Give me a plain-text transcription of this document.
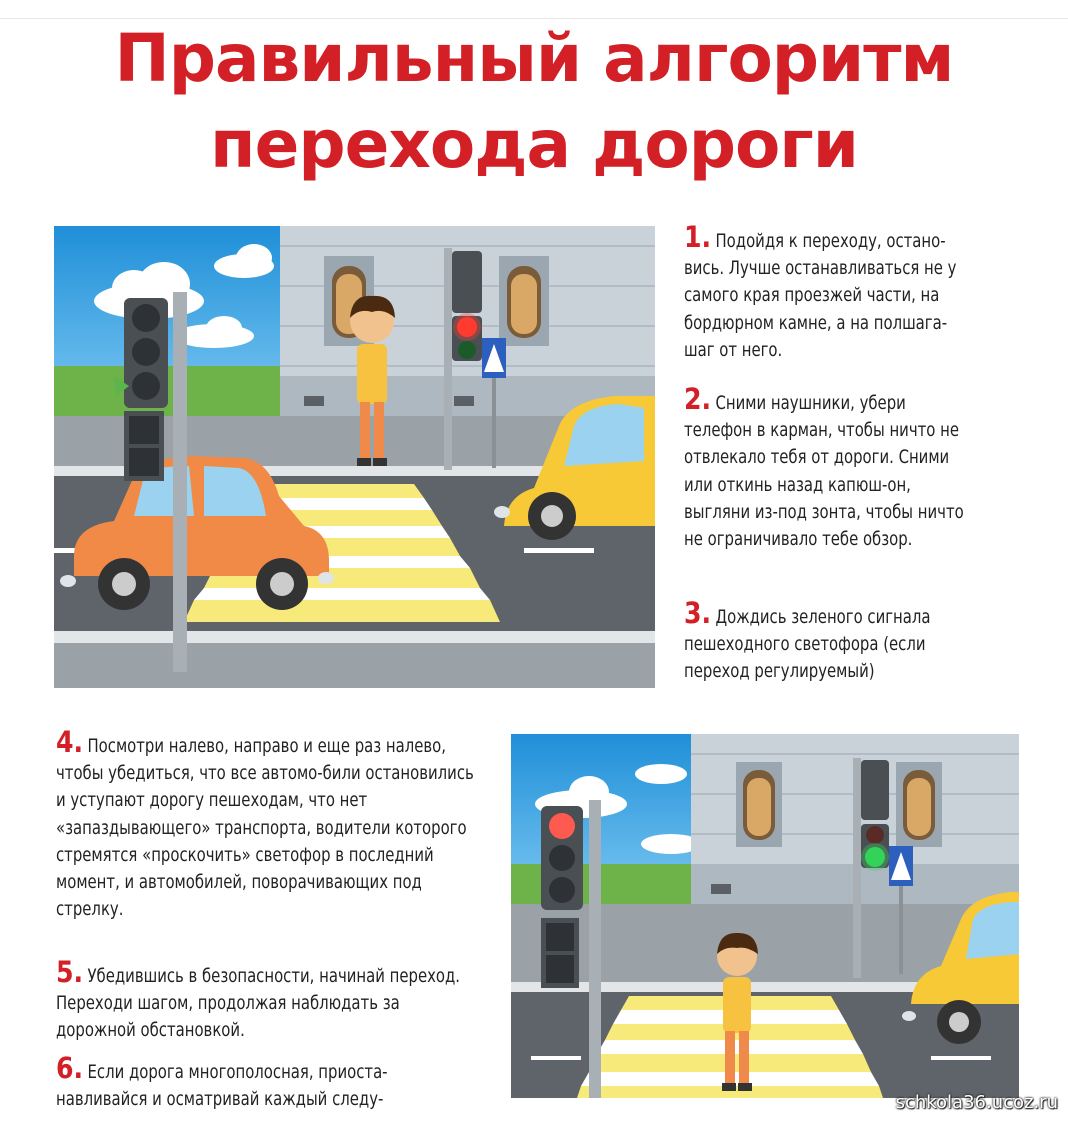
Правильный алгоритм
перехода дороги
1. Подойдя к переходу, остано-вись. Лучше останавливаться не у самого края проезжей части, на бордюрном камне, а на полшага-шаг от него.
2. Сними наушники, убери телефон в карман, чтобы ничто не отвлекало тебя от дороги. Сними или откинь назад капюш-он, выгляни из-под зонта, чтобы ничто не ограничивало тебе обзор.
3. Дождись зеленого сигнала пешеходного светофора (если переход регулируемый)
4. Посмотри налево, направо и еще раз налево, чтобы убедиться, что все автомо-били остановились и уступают дорогу пешеходам, что нет «запаздывающего» транспорта, водители которого стремятся «проскочить» светофор в последний момент, и автомобилей, поворачивающих под стрелку.
5. Убедившись в безопасности, начинай переход. Переходи шагом, продолжая наблюдать за дорожной обстановкой.
6. Если дорога многополосная, приоста-навливайся и осматривай каждый следу-	schkola36.ucoz.ru
